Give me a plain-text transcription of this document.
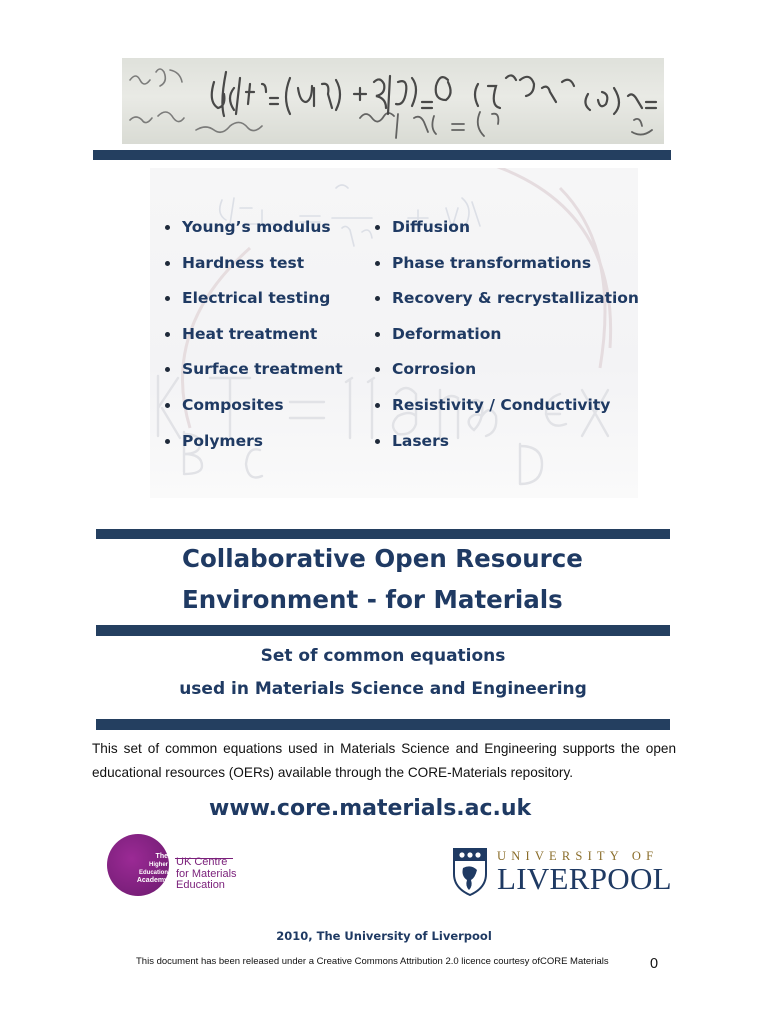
Young’s modulus
Hardness test
Electrical testing
Heat treatment
Surface treatment
Composites
Polymers
Diffusion
Phase transformations
Recovery & recrystallization
Deformation
Corrosion
Resistivity / Conductivity
Lasers
Collaborative Open Resource
Environment - for Materials
Set of common equations
used in Materials Science and Engineering
This set of common equations used in Materials Science and Engineering supports the open educational resources (OERs) available through the CORE-Materials repository.
www.core.materials.ac.uk
The
Higher
Education
Academy
UK Centre
for Materials
Education
UNIVERSITY OF
LIVERPOOL
2010, The University of Liverpool
This document has been released under a Creative Commons Attribution 2.0 licence courtesy ofCORE Materials	0
